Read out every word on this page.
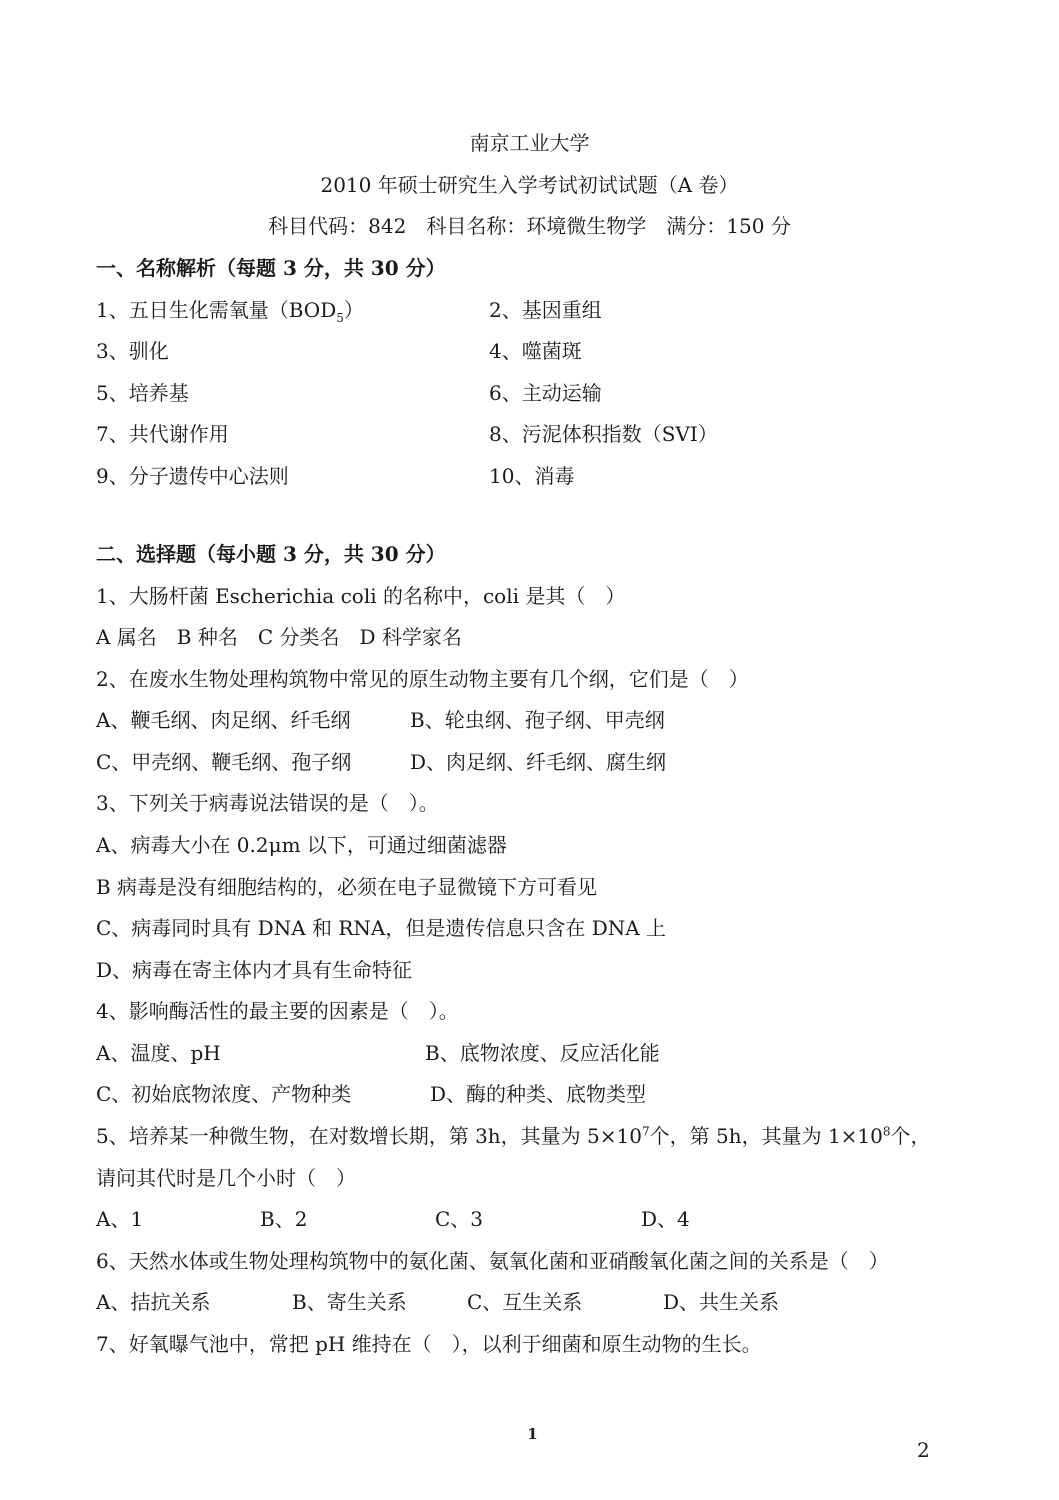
南京工业大学
2010 年硕士研究生入学考试初试试题（A 卷）
科目代码：842　科目名称：环境微生物学　满分：150 分
一、名称解析（每题 3 分，共 30 分）
1、五日生化需氧量$(BOD_5)$	2、基因重组
3、驯化	4、噬菌斑
5、培养基	6、主动运输
7、共代谢作用	8、污泥体积指数（SVI）
9、分子遗传中心法则	10、消毒
二、选择题（每小题 3 分，共 30 分）
1、大肠杆菌 Escherichia coli 的名称中，coli 是其（　）
A 属名　B 种名　C 分类名　D 科学家名
2、在废水生物处理构筑物中常见的原生动物主要有几个纲，它们是（　）
A、鞭毛纲、肉足纲、纤毛纲	B、轮虫纲、孢子纲、甲壳纲
C、甲壳纲、鞭毛纲、孢子纲	D、肉足纲、纤毛纲、腐生纲
3、下列关于病毒说法错误的是（　）。
A、病毒大小在 0.2μm 以下，可通过细菌滤器
B 病毒是没有细胞结构的，必须在电子显微镜下方可看见
C、病毒同时具有 DNA 和 RNA，但是遗传信息只含在 DNA 上
D、病毒在寄主体内才具有生命特征
4、影响酶活性的最主要的因素是（　）。
A、温度、pH	B、底物浓度、反应活化能
C、初始底物浓度、产物种类	D、酶的种类、底物类型
5、培养某一种微生物，在对数增长期，第 3h，其量为 $5\times 10^7$个，第 5h，其量为 $1\times 10^8$个，
请问其代时是几个小时（　）
A、1	B、2	C、3	D、4
6、天然水体或生物处理构筑物中的氨化菌、氨氧化菌和亚硝酸氧化菌之间的关系是（　）
A、拮抗关系	B、寄生关系	C、互生关系	D、共生关系
7、好氧曝气池中，常把 pH 维持在（　），以利于细菌和原生动物的生长。
1
2
